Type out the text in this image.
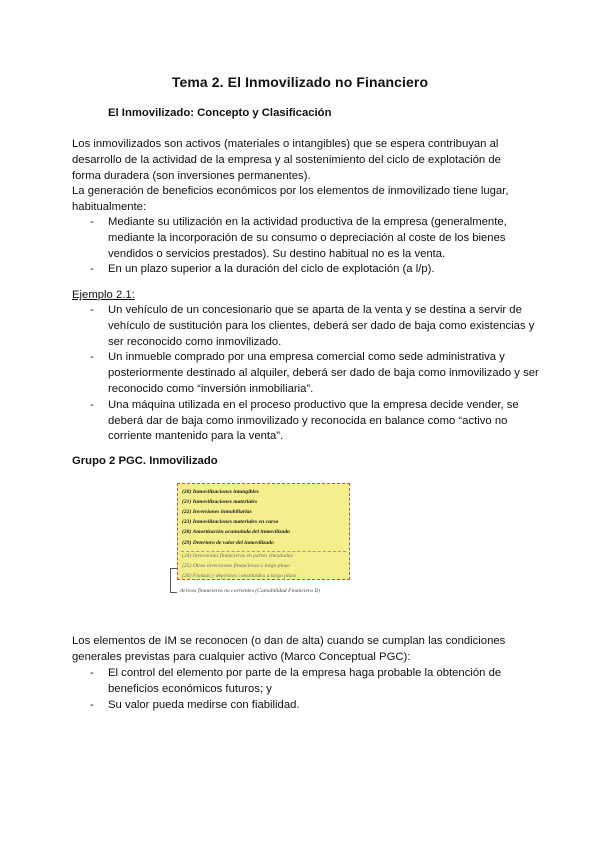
Tema 2. El Inmovilizado no Financiero
El Inmovilizado: Concepto y Clasificación

Los inmovilizados son activos (materiales o intangibles) que se espera contribuyan al desarrollo de la actividad de la empresa y al sostenimiento del ciclo de explotación de forma duradera (son inversiones permanentes).

La generación de beneficios económicos por los elementos de inmovilizado tiene lugar, habitualmente:

- Mediante su utilización en la actividad productiva de la empresa (generalmente, mediante la incorporación de su consumo o depreciación al coste de los bienes vendidos o servicios prestados). Su destino habitual no es la venta.
- En un plazo superior a la duración del ciclo de explotación (a l/p).

Ejemplo 2.1:

- Un vehículo de un concesionario que se aparta de la venta y se destina a servir de vehículo de sustitución para los clientes, deberá ser dado de baja como existencias y ser reconocido como inmovilizado.
- Un inmueble comprado por una empresa comercial como sede administrativa y posteriormente destinado al alquiler, deberá ser dado de baja como inmovilizado y ser reconocido como “inversión inmobiliaria”.
- Una máquina utilizada en el proceso productivo que la empresa decide vender, se deberá dar de baja como inmovilizado y reconocida en balance como “activo no corriente mantenido para la venta”.

Grupo 2 PGC. Inmovilizado

(20) Inmovilizaciones intangibles
(21) Inmovilizaciones materiales
(22) Inversiones inmobiliarias
(23) Inmovilizaciones materiales en curso
(28) Amortización acumulada del inmovilizado
(29) Deterioro de valor del inmovilizado
(24) Inversiones financieras en partes vinculadas
(25) Otras inversiones financieras a largo plazo
(26) Fianzas y depósitos constituidos a largo plazo
Activos financieros no corrientes (Contabilidad Financiera II)

Los elementos de IM se reconocen (o dan de alta) cuando se cumplan las condiciones generales previstas para cualquier activo (Marco Conceptual PGC):

- El control del elemento por parte de la empresa haga probable la obtención de beneficios económicos futuros; y
- Su valor pueda medirse con fiabilidad.
